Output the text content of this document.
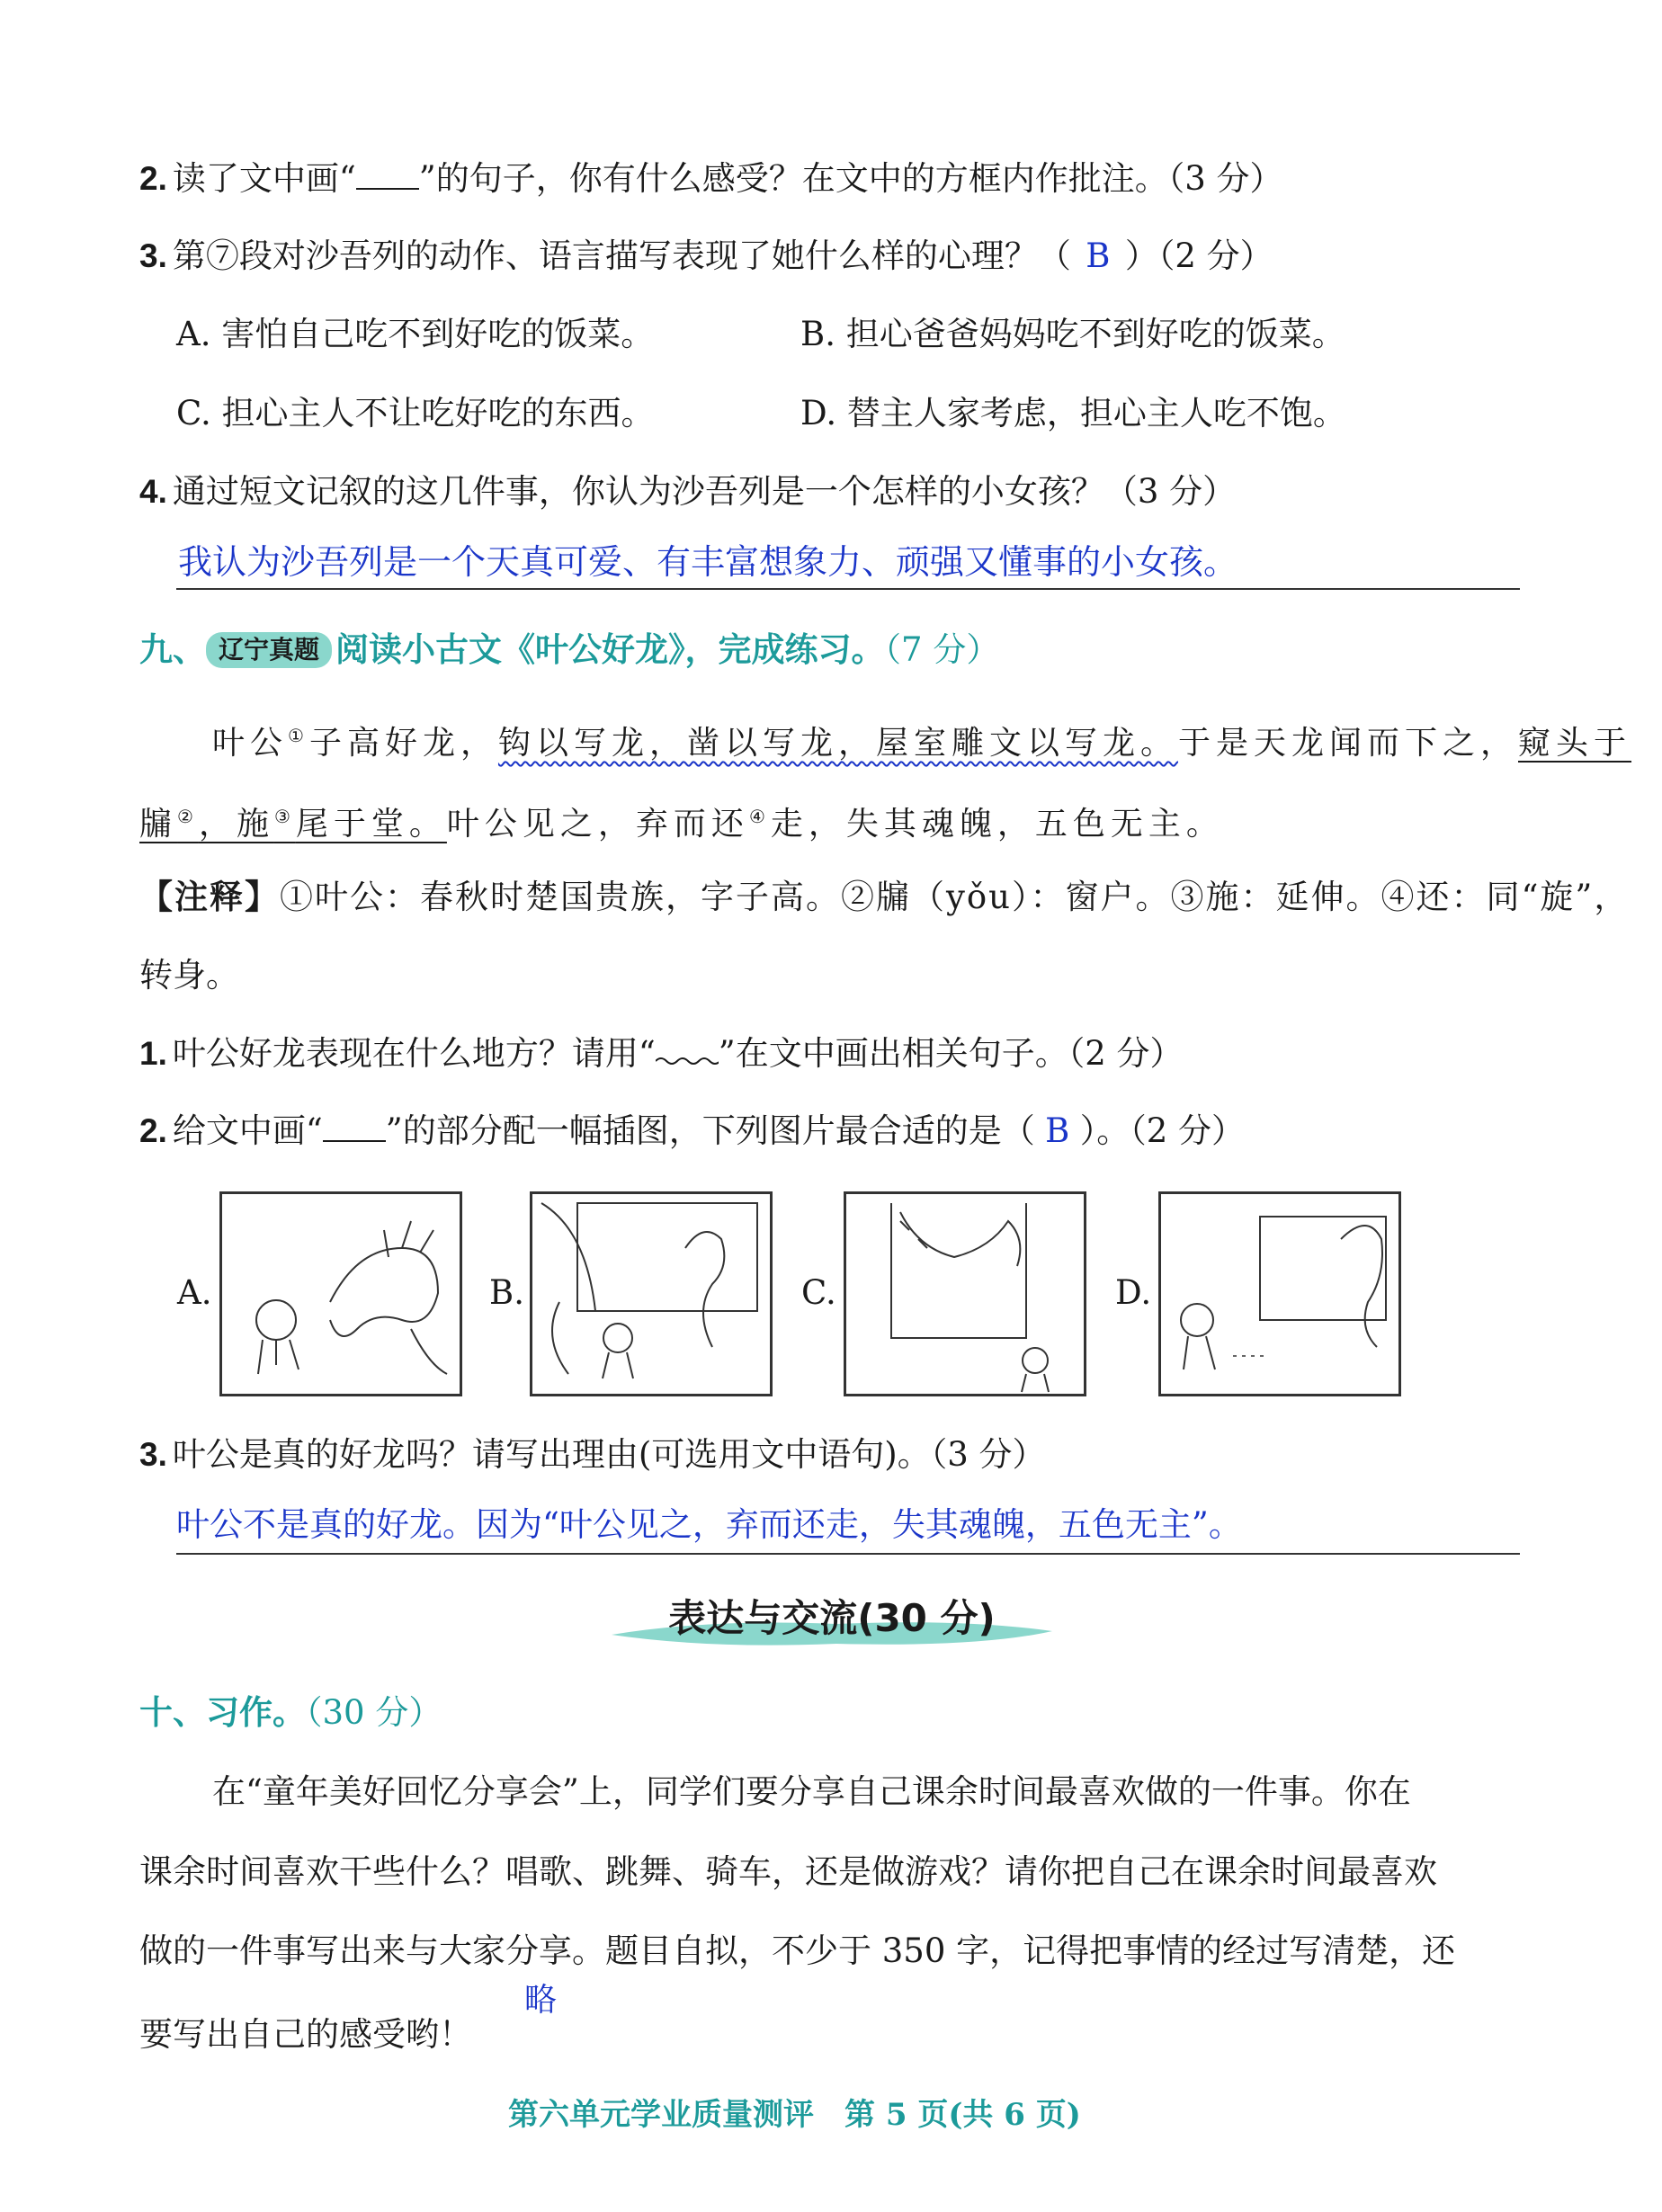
2. 读了文中画“ ”的句子，你有什么感受？在文中的方框内作批注。（3 分）
3. 第⑦段对沙吾列的动作、语言描写表现了她什么样的心理？（ B ）（2 分）
A. 害怕自己吃不到好吃的饭菜。	B. 担心爸爸妈妈吃不到好吃的饭菜。
C. 担心主人不让吃好吃的东西。	D. 替主人家考虑，担心主人吃不饱。
4. 通过短文记叙的这几件事，你认为沙吾列是一个怎样的小女孩？（3 分）
我认为沙吾列是一个天真可爱、有丰富想象力、顽强又懂事的小女孩。
九、 辽宁真题 阅读小古文《叶公好龙》，完成练习。（7 分）
叶公①子高好龙，钩以写龙，凿以写龙，屋室雕文以写龙。于是天龙闻而下之，窥头于
牖②，施③尾于堂。叶公见之，弃而还④走，失其魂魄，五色无主。
【注释】①叶公：春秋时楚国贵族，字子高。②牖（yǒu）：窗户。③施：延伸。④还：同“旋”，
转身。
1. 叶公好龙表现在什么地方？请用“ ”在文中画出相关句子。（2 分）
2. 给文中画“ ”的部分配一幅插图，下列图片最合适的是（ B ）。（2 分）
A.	B.	C.	D.
3. 叶公是真的好龙吗？请写出理由(可选用文中语句)。（3 分）
叶公不是真的好龙。因为“叶公见之，弃而还走，失其魂魄，五色无主”。
表达与交流(30 分)
十、习作。（30 分）
在“童年美好回忆分享会”上，同学们要分享自己课余时间最喜欢做的一件事。你在
课余时间喜欢干些什么？唱歌、跳舞、骑车，还是做游戏？请你把自己在课余时间最喜欢
做的一件事写出来与大家分享。题目自拟，不少于 350 字，记得把事情的经过写清楚，还
要写出自己的感受哟！
略
第六单元学业质量测评　第 5 页(共 6 页)
